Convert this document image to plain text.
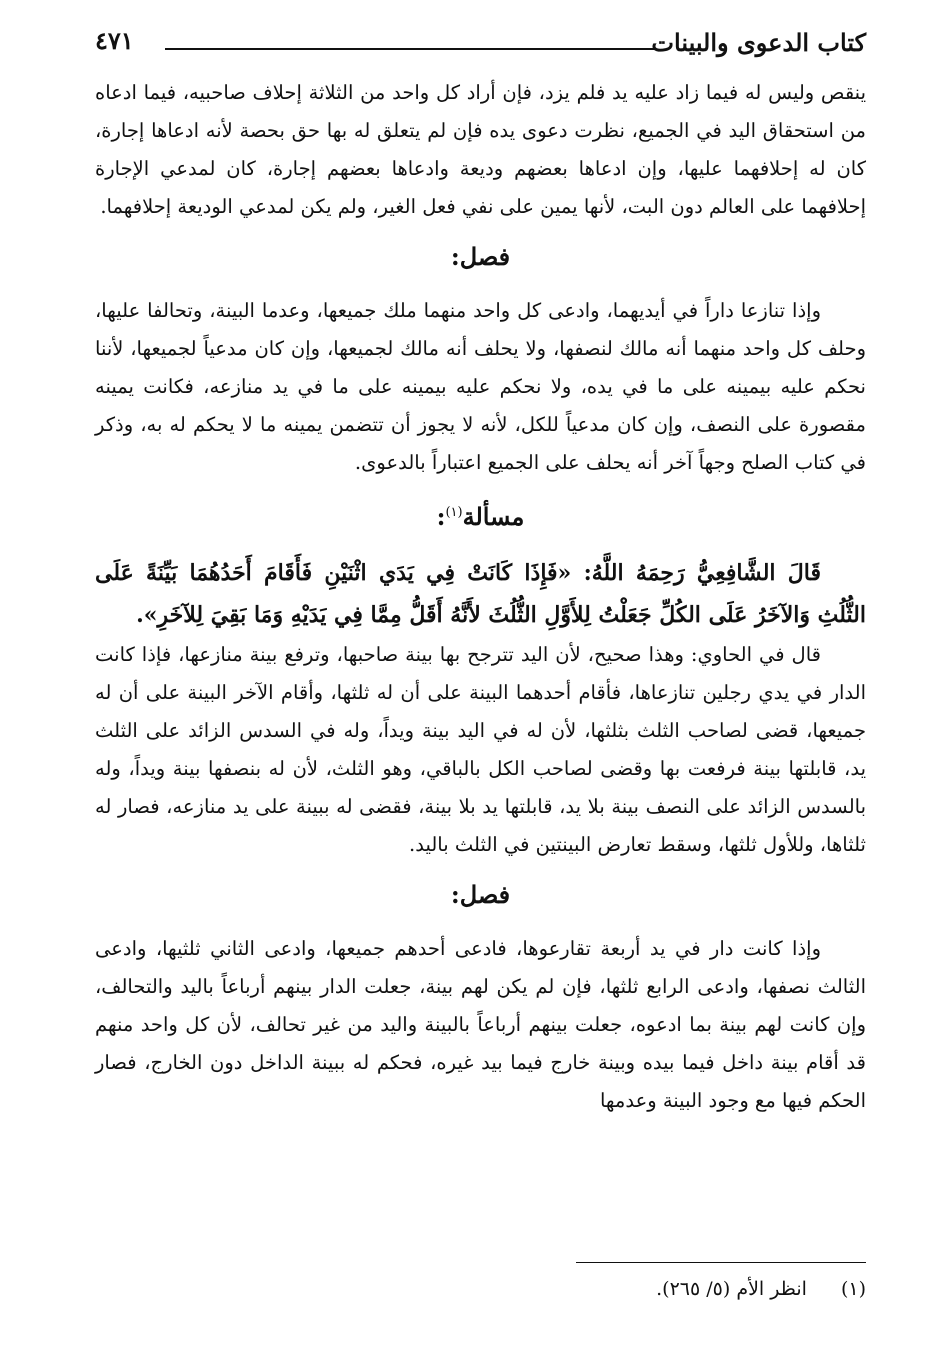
كتاب الدعوى والبينات
٤٧١

ينقص وليس له فيما زاد عليه يد فلم يزد، فإن أراد كل واحد من الثلاثة إحلاف صاحبيه، فيما ادعاه من استحقاق اليد في الجميع، نظرت دعوى يده فإن لم يتعلق له بها حق بحصة لأنه ادعاها إجارة، كان له إحلافهما عليها، وإن ادعاها بعضهم وديعة وادعاها بعضهم إجارة، كان لمدعي الإجارة إحلافهما على العالم دون البت، لأنها يمين على نفي فعل الغير، ولم يكن لمدعي الوديعة إحلافهما.

فصل:

وإذا تنازعا داراً في أيديهما، وادعى كل واحد منهما ملك جميعها، وعدما البينة، وتحالفا عليها، وحلف كل واحد منهما أنه مالك لنصفها، ولا يحلف أنه مالك لجميعها، وإن كان مدعياً لجميعها، لأننا نحكم عليه بيمينه على ما في يده، ولا نحكم عليه بيمينه على ما في يد منازعه، فكانت يمينه مقصورة على النصف، وإن كان مدعياً للكل، لأنه لا يجوز أن تتضمن يمينه ما لا يحكم له به، وذكر في كتاب الصلح وجهاً آخر أنه يحلف على الجميع اعتباراً بالدعوى.

مسألة$^{(١)}$:

قَالَ الشَّافِعِيُّ رَحِمَهُ اللَّهُ: «فَإِذَا كَانَتْ فِي يَدَي اثْنَيْنِ فَأَقَامَ أَحَدُهُمَا بَيِّنَةً عَلَى الثُّلُثِ وَالآخَرُ عَلَى الكُلِّ جَعَلْتُ لِلأَوَّلِ الثُّلُثَ لأَنَّهُ أَقَلُّ مِمَّا فِي يَدَيْهِ وَمَا بَقِيَ لِلآخَرِ».

قال في الحاوي: وهذا صحيح، لأن اليد تترجح بها بينة صاحبها، وترفع بينة منازعها، فإذا كانت الدار في يدي رجلين تنازعاها، فأقام أحدهما البينة على أن له ثلثها، وأقام الآخر البينة على أن له جميعها، قضى لصاحب الثلث بثلثها، لأن له في اليد بينة ويداً، وله في السدس الزائد على الثلث يد، قابلتها بينة فرفعت بها وقضى لصاحب الكل بالباقي، وهو الثلث، لأن له بنصفها بينة ويداً، وله بالسدس الزائد على النصف بينة بلا يد، قابلتها يد بلا بينة، فقضى له ببينة على يد منازعه، فصار له ثلثاها، وللأول ثلثها، وسقط تعارض البينتين في الثلث باليد.

فصل:

وإذا كانت دار في يد أربعة تقارعوها، فادعى أحدهم جميعها، وادعى الثاني ثلثيها، وادعى الثالث نصفها، وادعى الرابع ثلثها، فإن لم يكن لهم بينة، جعلت الدار بينهم أرباعاً باليد والتحالف، وإن كانت لهم بينة بما ادعوه، جعلت بينهم أرباعاً بالبينة واليد من غير تحالف، لأن كل واحد منهم قد أقام بينة داخل فيما بيده وبينة خارج فيما بيد غيره، فحكم له ببينة الداخل دون الخارج، فصار الحكم فيها مع وجود البينة وعدمها

(١) انظر الأم (٥/ ٢٦٥).
